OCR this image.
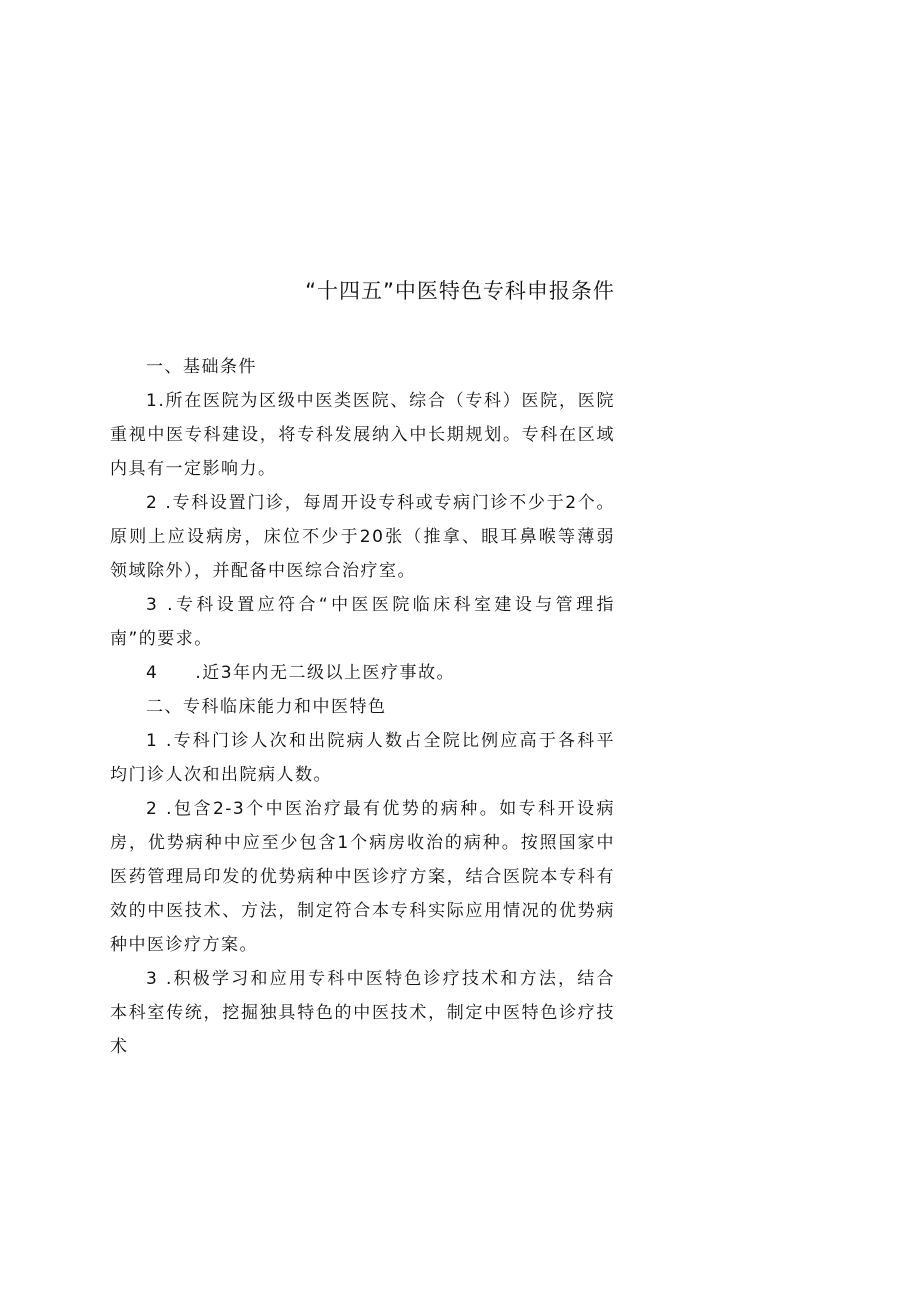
“十四五”中医特色专科申报条件

一、基础条件

1.所在医院为区级中医类医院、综合（专科）医院，医院重视中医专科建设，将专科发展纳入中长期规划。专科在区域内具有一定影响力。

2 .专科设置门诊，每周开设专科或专病门诊不少于2个。原则上应设病房，床位不少于20张（推拿、眼耳鼻喉等薄弱领域除外），并配备中医综合治疗室。

3 .专科设置应符合“中医医院临床科室建设与管理指南”的要求。

4　　.近3年内无二级以上医疗事故。

二、专科临床能力和中医特色

1 .专科门诊人次和出院病人数占全院比例应高于各科平均门诊人次和出院病人数。

2 .包含2-3个中医治疗最有优势的病种。如专科开设病房，优势病种中应至少包含1个病房收治的病种。按照国家中医药管理局印发的优势病种中医诊疗方案，结合医院本专科有效的中医技术、方法，制定符合本专科实际应用情况的优势病种中医诊疗方案。

3 .积极学习和应用专科中医特色诊疗技术和方法，结合本科室传统，挖掘独具特色的中医技术，制定中医特色诊疗技术
